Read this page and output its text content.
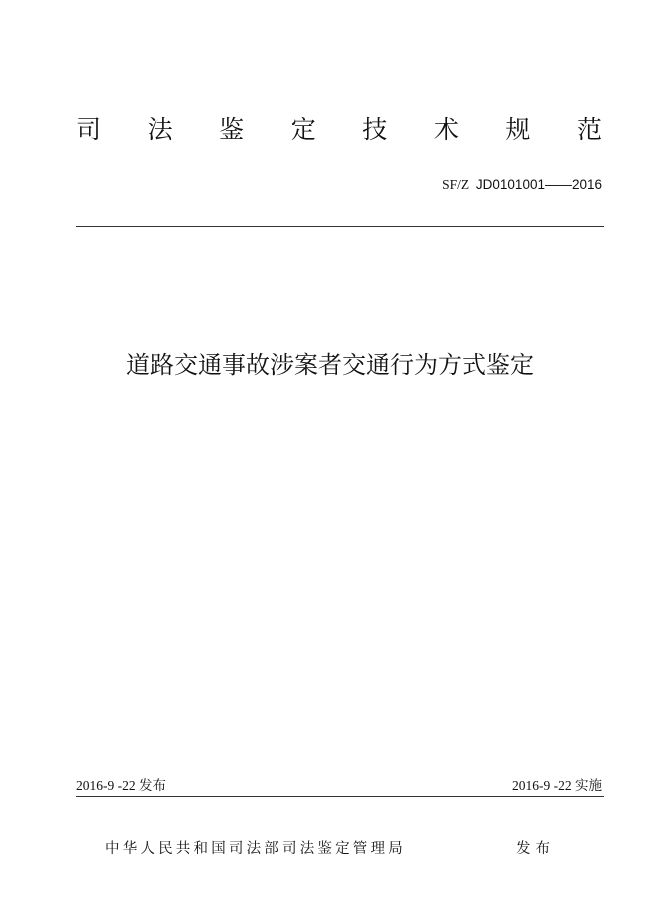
司 法 鉴 定 技 术 规 范
SF/Z JD0101001——2016
道路交通事故涉案者交通行为方式鉴定
2016-9 -22 发布	2016-9 -22 实施
中华人民共和国司法部司法鉴定管理局	发布
